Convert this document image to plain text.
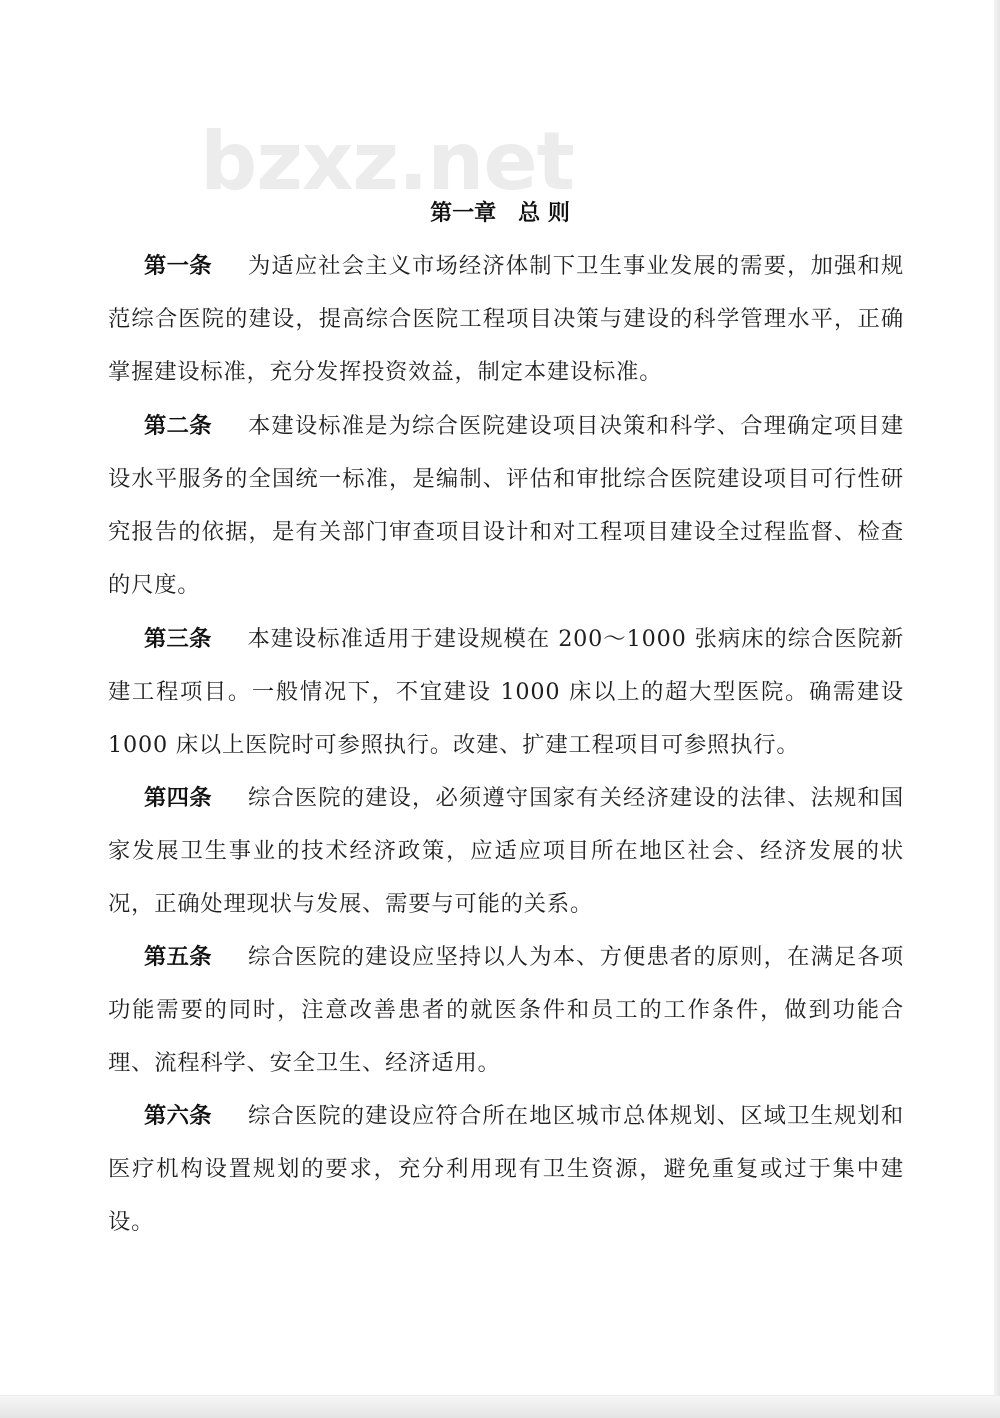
bzxz.net
第一章 总 则

第一条 为适应社会主义市场经济体制下卫生事业发展的需要，加强和规范综合医院的建设，提高综合医院工程项目决策与建设的科学管理水平，正确掌握建设标准，充分发挥投资效益，制定本建设标准。

第二条 本建设标准是为综合医院建设项目决策和科学、合理确定项目建设水平服务的全国统一标准，是编制、评估和审批综合医院建设项目可行性研究报告的依据，是有关部门审查项目设计和对工程项目建设全过程监督、检查的尺度。

第三条 本建设标准适用于建设规模在 200～1000 张病床的综合医院新建工程项目。一般情况下，不宜建设 1000 床以上的超大型医院。确需建设 1000 床以上医院时可参照执行。改建、扩建工程项目可参照执行。

第四条 综合医院的建设，必须遵守国家有关经济建设的法律、法规和国家发展卫生事业的技术经济政策，应适应项目所在地区社会、经济发展的状况，正确处理现状与发展、需要与可能的关系。

第五条 综合医院的建设应坚持以人为本、方便患者的原则，在满足各项功能需要的同时，注意改善患者的就医条件和员工的工作条件，做到功能合理、流程科学、安全卫生、经济适用。

第六条 综合医院的建设应符合所在地区城市总体规划、区域卫生规划和医疗机构设置规划的要求，充分利用现有卫生资源，避免重复或过于集中建设。
